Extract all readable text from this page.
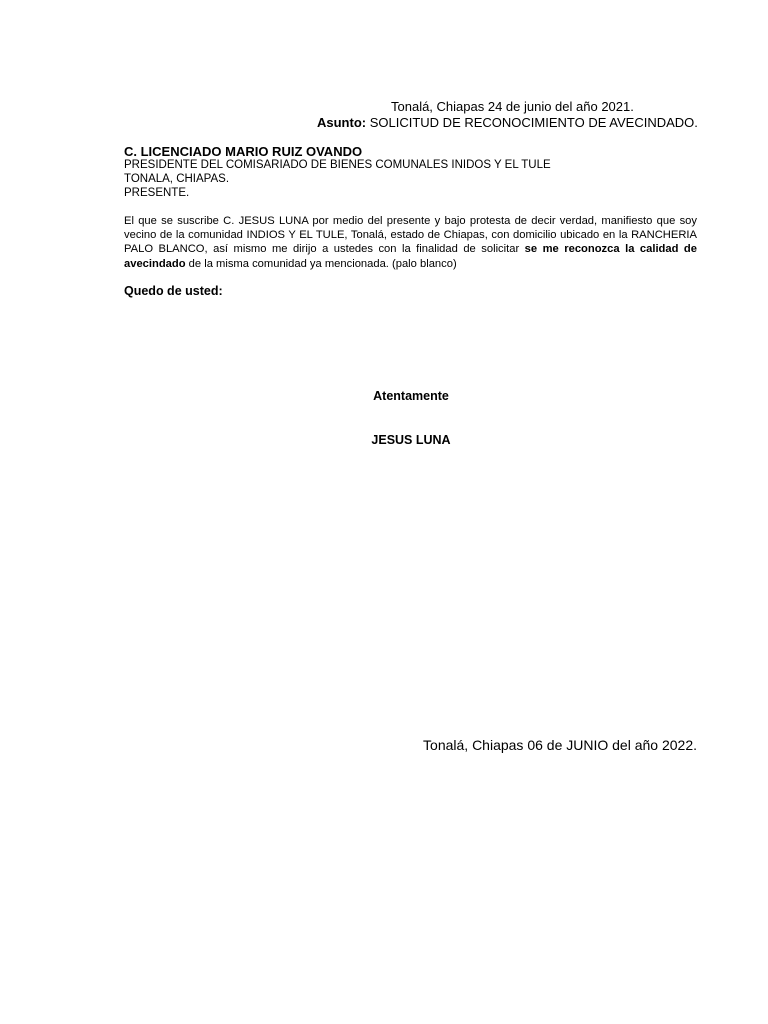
Tonalá, Chiapas 24 de junio del año 2021.
Asunto: SOLICITUD DE RECONOCIMIENTO DE AVECINDADO.
C. LICENCIADO MARIO RUIZ OVANDO
PRESIDENTE DEL COMISARIADO DE BIENES COMUNALES INIDOS Y EL TULE
TONALA, CHIAPAS.
PRESENTE.
El que se suscribe C. JESUS LUNA por medio del presente y bajo protesta de decir verdad, manifiesto que soy vecino de la comunidad INDIOS Y EL TULE, Tonalá, estado de Chiapas, con domicilio ubicado en la RANCHERIA PALO BLANCO, así mismo me dirijo a ustedes con la finalidad de solicitar se me reconozca la calidad de avecindado de la misma comunidad ya mencionada. (palo blanco)
Quedo de usted:
Atentamente
JESUS LUNA
Tonalá, Chiapas 06 de JUNIO del año 2022.
